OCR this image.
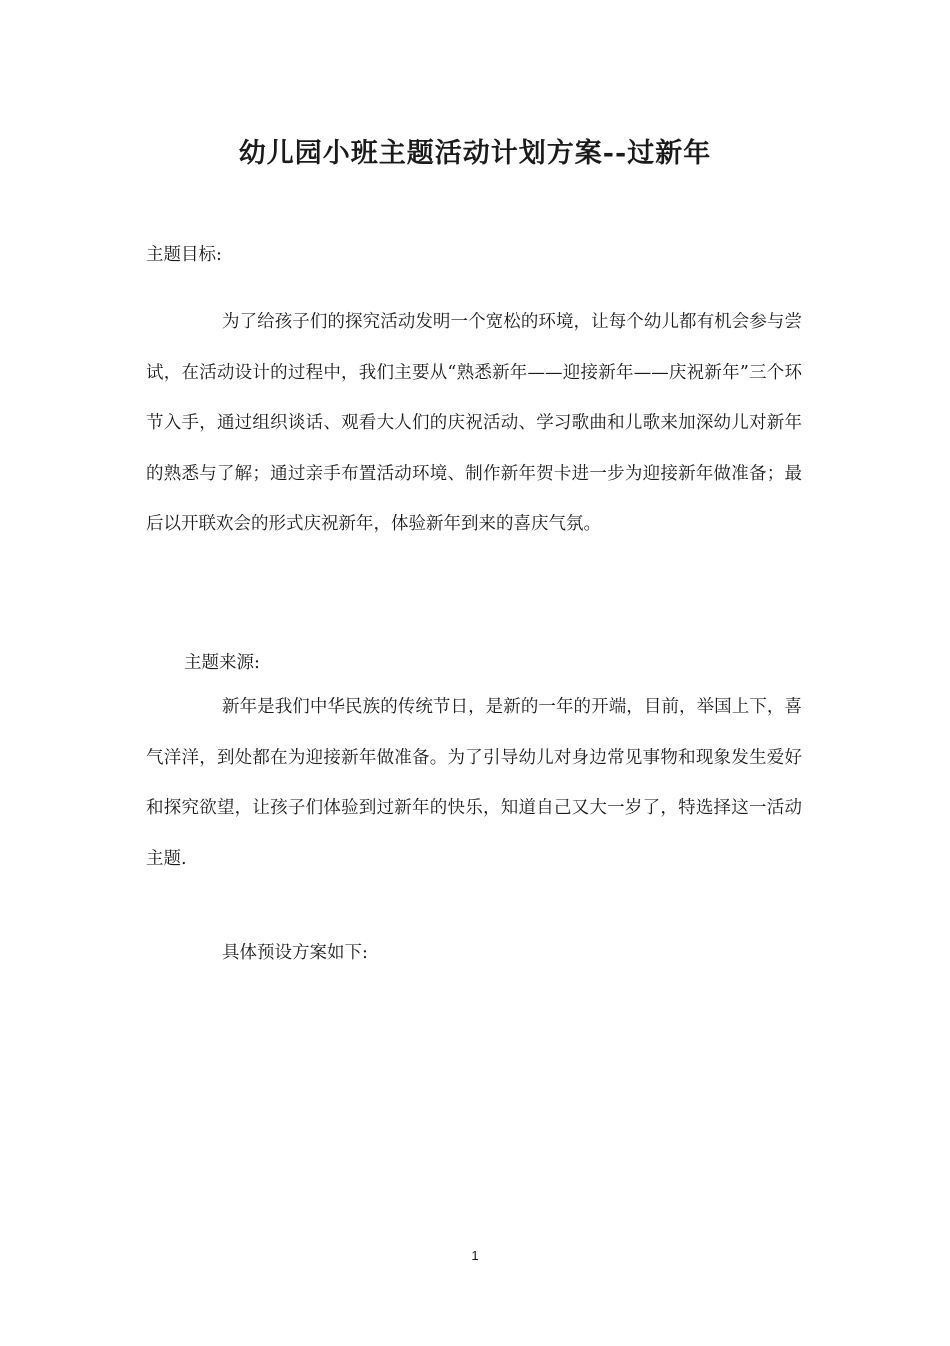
幼儿园小班主题活动计划方案--过新年
主题目标:
为了给孩子们的探究活动发明一个宽松的环境，让每个幼儿都有机会参与尝试，在活动设计的过程中，我们主要从“熟悉新年——迎接新年——庆祝新年”三个环节入手，通过组织谈话、观看大人们的庆祝活动、学习歌曲和儿歌来加深幼儿对新年的熟悉与了解；通过亲手布置活动环境、制作新年贺卡进一步为迎接新年做准备；最后以开联欢会的形式庆祝新年，体验新年到来的喜庆气氛。
主题来源:
新年是我们中华民族的传统节日，是新的一年的开端，目前，举国上下，喜气洋洋，到处都在为迎接新年做准备。为了引导幼儿对身边常见事物和现象发生爱好和探究欲望，让孩子们体验到过新年的快乐，知道自己又大一岁了，特选择这一活动主题.
具体预设方案如下:
1
